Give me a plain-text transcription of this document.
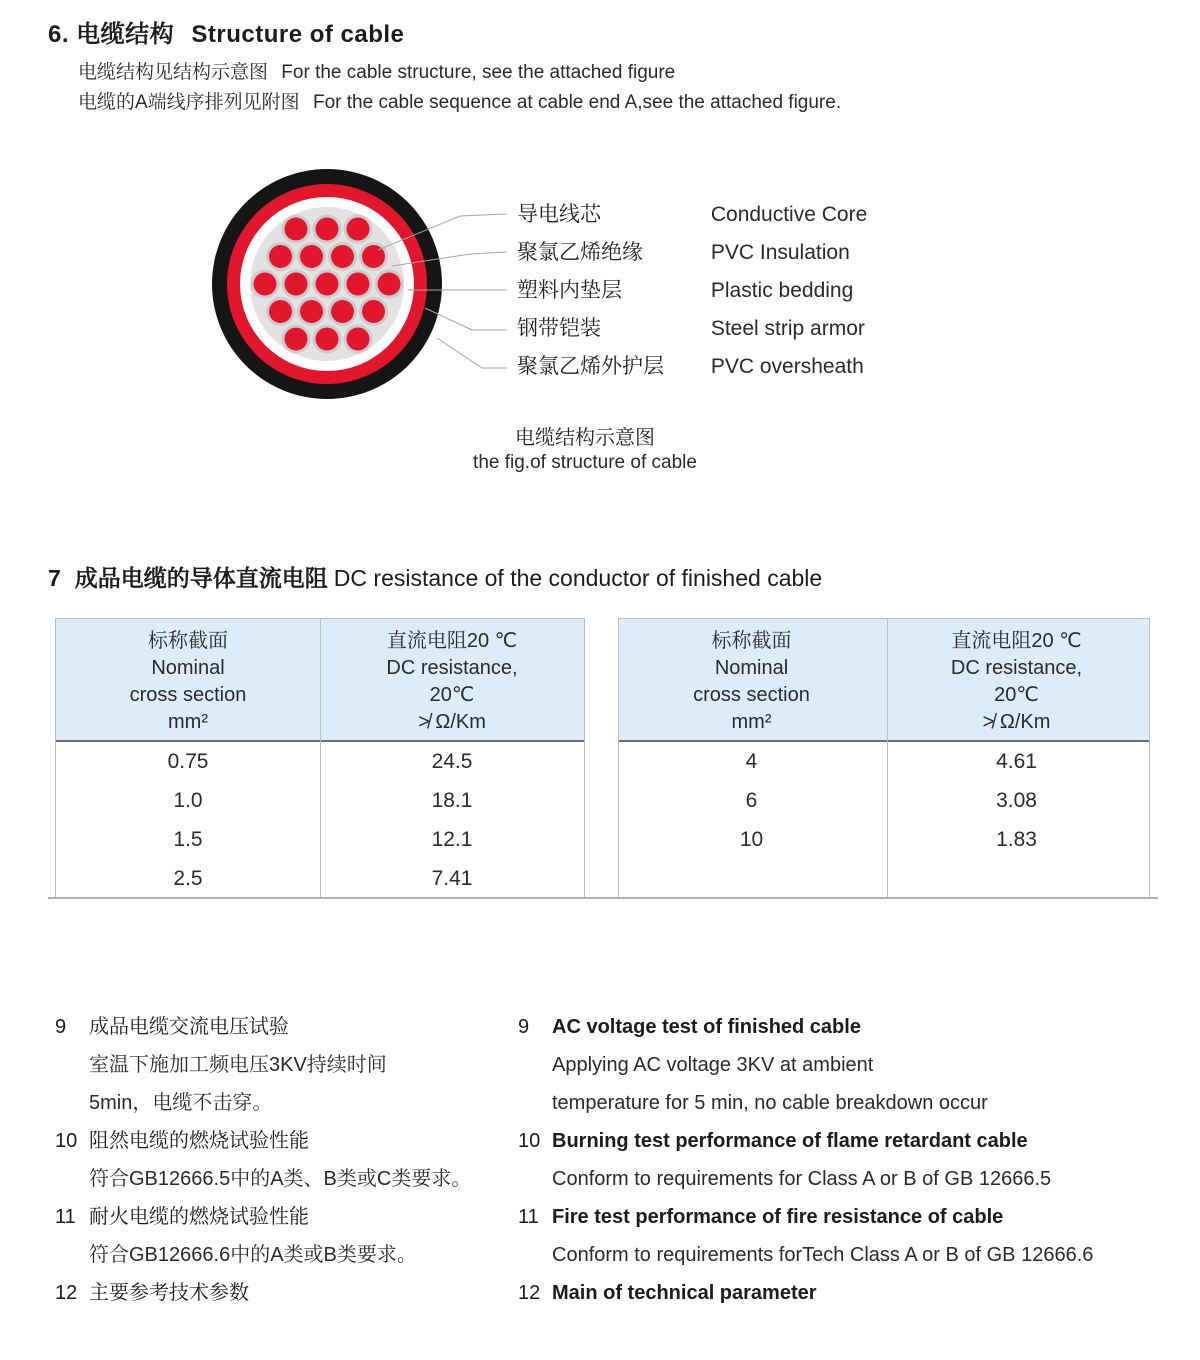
6. 电缆结构 Structure of cable
电缆结构见结构示意图 For the cable structure, see the attached figure
电缆的A端线序排列见附图 For the cable sequence at cable end A,see the attached figure.
导电线芯	Conductive Core
聚氯乙烯绝缘	PVC Insulation
塑料内垫层	Plastic bedding
钢带铠装	Steel strip armor
聚氯乙烯外护层 PVC oversheath
电缆结构示意图
the fig.of structure of cable
7 成品电缆的导体直流电阻 DC resistance of the conductor of finished cable
标称截面
Nominal
cross section
mm²
直流电阻20 ℃
DC resistance,
20℃
≯ Ω/Km
0.75	24.5
1.0	18.1
1.5	12.1
2.5	7.41
标称截面
Nominal
cross section
mm²
直流电阻20 ℃
DC resistance,
20℃
≯ Ω/Km
4	4.61
6	3.08
10	1.83
9	成品电缆交流电压试验
室温下施加工频电压3KV持续时间
5min，电缆不击穿。
10 阻然电缆的燃烧试验性能
符合GB12666.5中的A类、B类或C类要求。
11 耐火电缆的燃烧试验性能
符合GB12666.6中的A类或B类要求。
12 主要参考技术参数
9	AC voltage test of finished cable
Applying AC voltage 3KV at ambient
temperature for 5 min, no cable breakdown occur
10 Burning test performance of flame retardant cable
Conform to requirements for Class A or B of GB 12666.5
11 Fire test performance of fire resistance of cable
Conform to requirements forTech Class A or B of GB 12666.6
12 Main of technical parameter
